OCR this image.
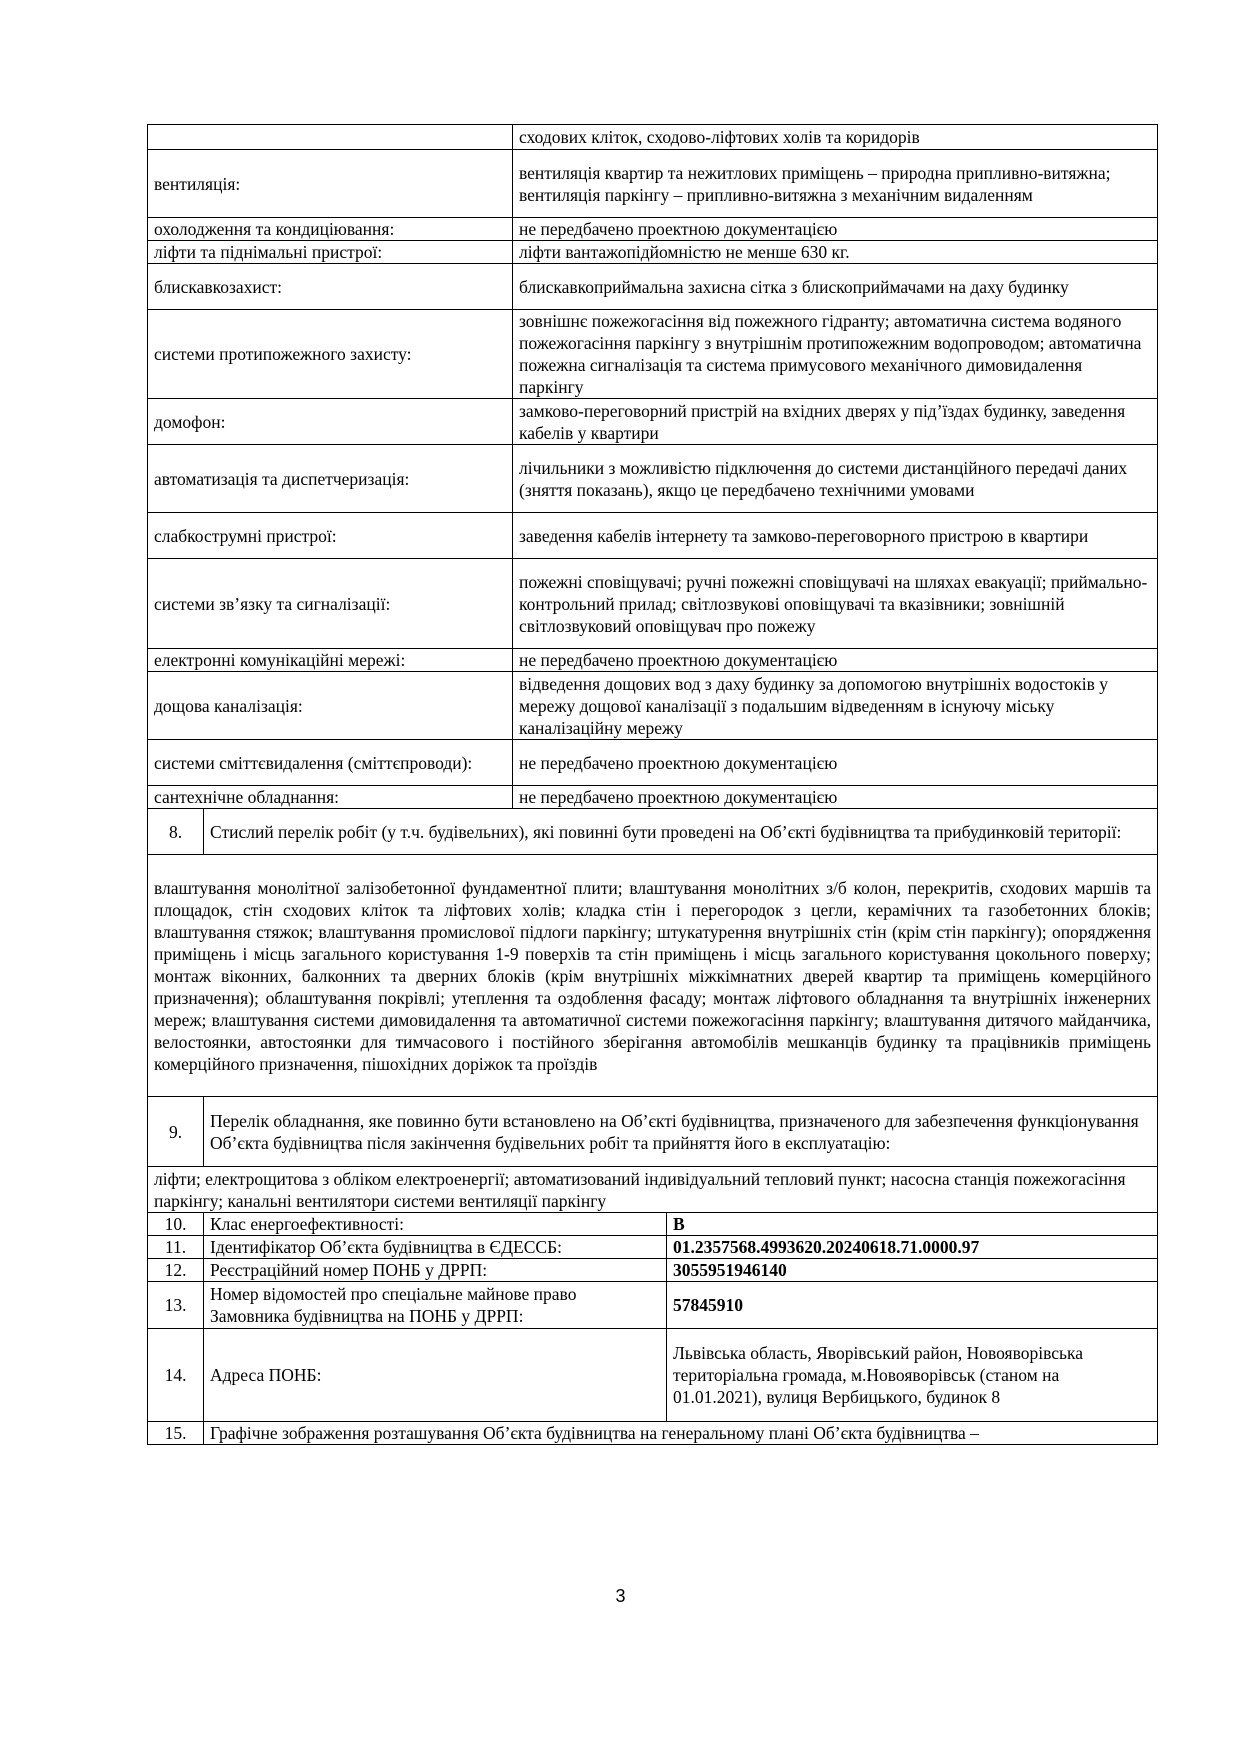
		сходових кліток, сходово-ліфтових холів та коридорів	
вентиляція:		вентиляція квартир та нежитлових приміщень – природна припливно-витяжна; вентиляція паркінгу – припливно-витяжна з механічним видаленням	
охолодження та кондиціювання:		не передбачено проектною документацією	
ліфти та піднімальні пристрої:		ліфти вантажопідйомністю не менше 630 кг.	
блискавкозахист:		блискавкоприймальна захисна сітка з блископриймачами на даху будинку	
системи протипожежного захисту:		зовнішнє пожежогасіння від пожежного гідранту; автоматична система водяного пожежогасіння паркінгу з внутрішнім протипожежним водопроводом; автоматична пожежна сигналізація та система примусового механічного димовидалення паркінгу	
домофон:		замково-переговорний пристрій на вхідних дверях у під’їздах будинку, заведення кабелів у квартири	
автоматизація та диспетчеризація:		лічильники з можливістю підключення до системи дистанційного передачі даних (зняття показань), якщо це передбачено технічними умовами	
слабкострумні пристрої:		заведення кабелів інтернету та замково-переговорного пристрою в квартири	
системи зв’язку та сигналізації:		пожежні сповіщувачі; ручні пожежні сповіщувачі на шляхах евакуації; приймально-контрольний прилад; світлозвукові оповіщувачі та вказівники; зовнішній світлозвуковий оповіщувач про пожежу	
електронні комунікаційні мережі:		не передбачено проектною документацією	
дощова каналізація:		відведення дощових вод з даху будинку за допомогою внутрішніх водостоків у мережу дощової каналізації з подальшим відведенням в існуючу міську каналізаційну мережу	
системи сміттєвидалення (сміттєпроводи):		не передбачено проектною документацією	
сантехнічне обладнання:		не передбачено проектною документацією	
8.	Стислий перелік робіт (у т.ч. будівельних), які повинні бути проведені на Об’єкті будівництва та прибудинковій території:		
влаштування монолітної залізобетонної фундаментної плити; влаштування монолітних з/б колон, перекритів, сходових маршів та площадок, стін сходових кліток та ліфтових холів; кладка стін і перегородок з цегли, керамічних та газобетонних блоків; влаштування стяжок; влаштування промислової підлоги паркінгу; штукатурення внутрішніх стін (крім стін паркінгу); опорядження приміщень і місць загального користування 1-9 поверхів та стін приміщень і місць загального користування цокольного поверху; монтаж віконних, балконних та дверних блоків (крім внутрішніх міжкімнатних дверей квартир та приміщень комерційного призначення); облаштування покрівлі; утеплення та оздоблення фасаду; монтаж ліфтового обладнання та внутрішніх інженерних мереж; влаштування системи димовидалення та автоматичної системи пожежогасіння паркінгу; влаштування дитячого майданчика, велостоянки, автостоянки для тимчасового і постійного зберігання автомобілів мешканців будинку та працівників приміщень комерційного призначення, пішохідних доріжок та проїздів			
9.	Перелік обладнання, яке повинно бути встановлено на Об’єкті будівництва, призначеного для забезпечення функціонування Об’єкта будівництва після закінчення будівельних робіт та прийняття його в експлуатацію:		
ліфти; електрощитова з обліком електроенергії; автоматизований індивідуальний тепловий пункт; насосна станція пожежогасіння паркінгу; канальні вентилятори системи вентиляції паркінгу			
10.	Клас енергоефективності:		B
11.	Ідентифікатор Об’єкта будівництва в ЄДЕССБ:		01.2357568.4993620.20240618.71.0000.97
12.	Реєстраційний номер ПОНБ у ДРРП:		3055951946140
13.	Номер відомостей про спеціальне майнове право Замовника будівництва на ПОНБ у ДРРП:		57845910
14.	Адреса ПОНБ:		Львівська область, Яворівський район, Новояворівська територіальна громада, м.Новояворівськ (станом на 01.01.2021), вулиця Вербицького, будинок 8
15.	Графічне зображення розташування Об’єкта будівництва на генеральному плані Об’єкта будівництва –		
3
